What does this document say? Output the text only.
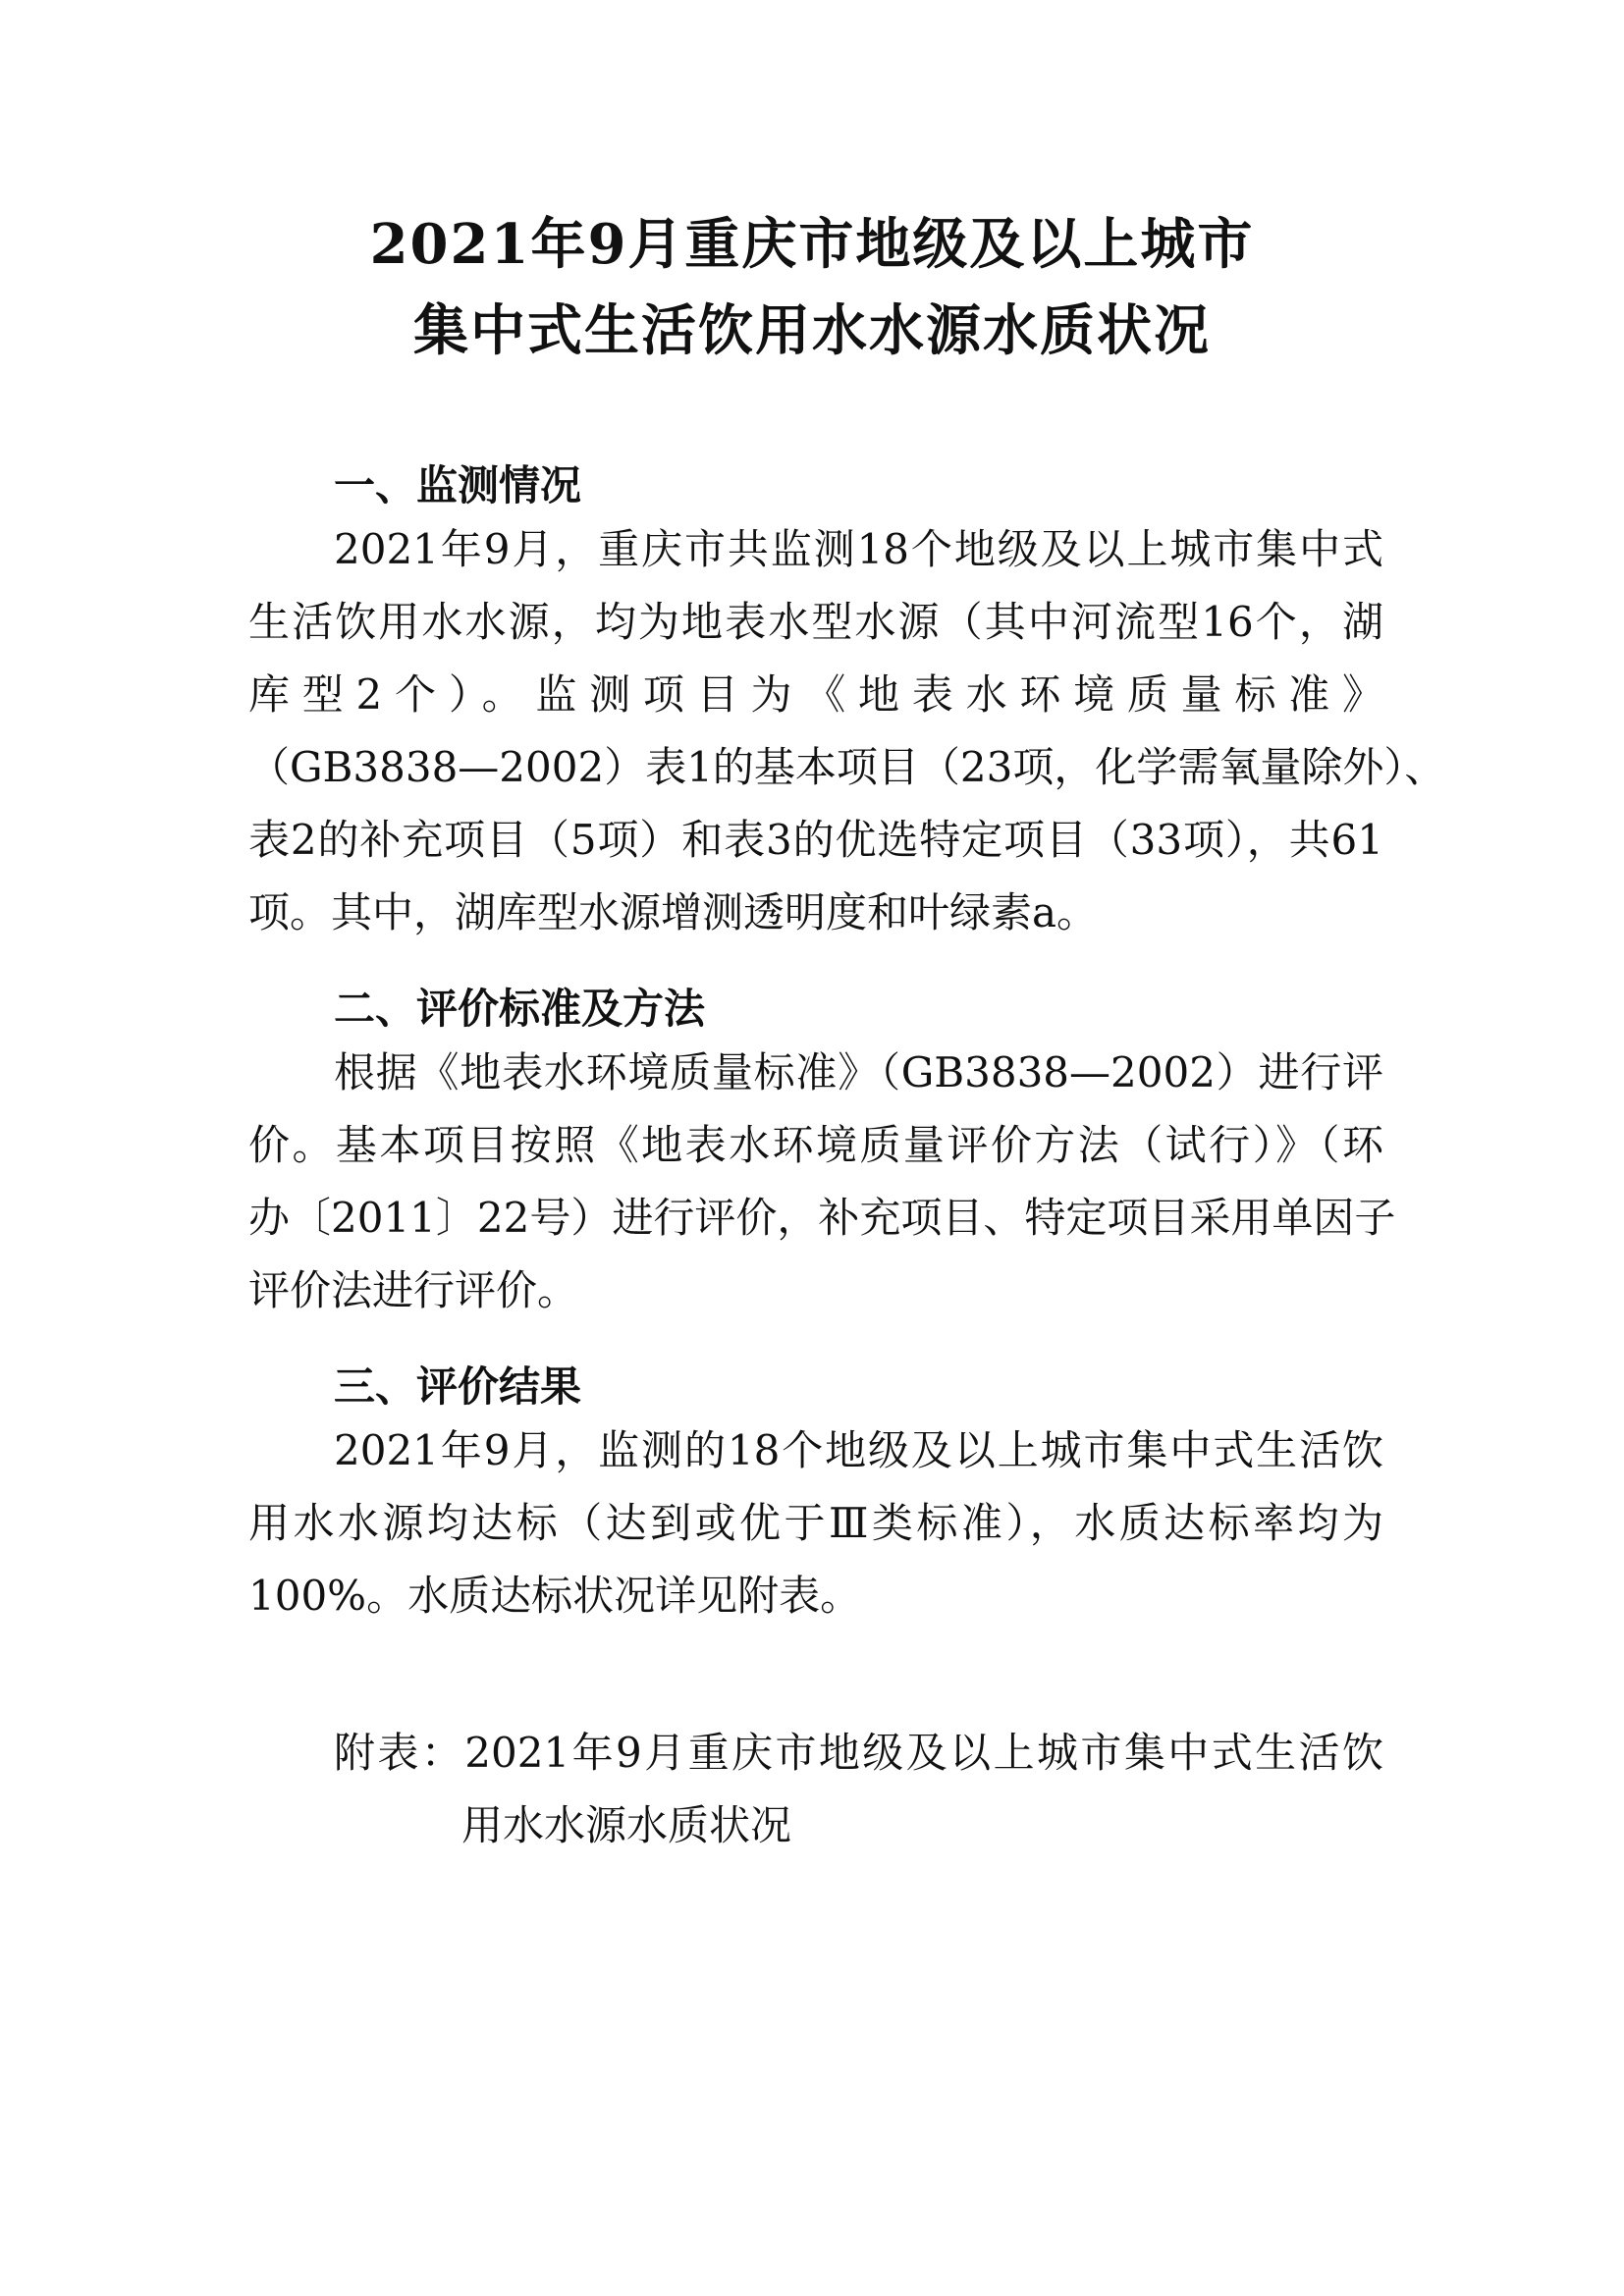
2021年9月重庆市地级及以上城市
集中式生活饮用水水源水质状况
一、监测情况
2021年9月，重庆市共监测18个地级及以上城市集中式
生活饮用水水源，均为地表水型水源（其中河流型16个，湖
库型2个）。监测项目为《地表水环境质量标准》
（GB3838—2002）表1的基本项目（23项，化学需氧量除外）、
表2的补充项目（5项）和表3的优选特定项目（33项），共61
项。其中，湖库型水源增测透明度和叶绿素a。
二、评价标准及方法
根据《地表水环境质量标准》（GB3838—2002）进行评
价。基本项目按照《地表水环境质量评价方法（试行）》（环
办〔2011〕22号）进行评价，补充项目、特定项目采用单因子
评价法进行评价。
三、评价结果
2021年9月，监测的18个地级及以上城市集中式生活饮
用水水源均达标（达到或优于Ⅲ类标准），水质达标率均为
100%。水质达标状况详见附表。
附表：2021年9月重庆市地级及以上城市集中式生活饮
用水水源水质状况
